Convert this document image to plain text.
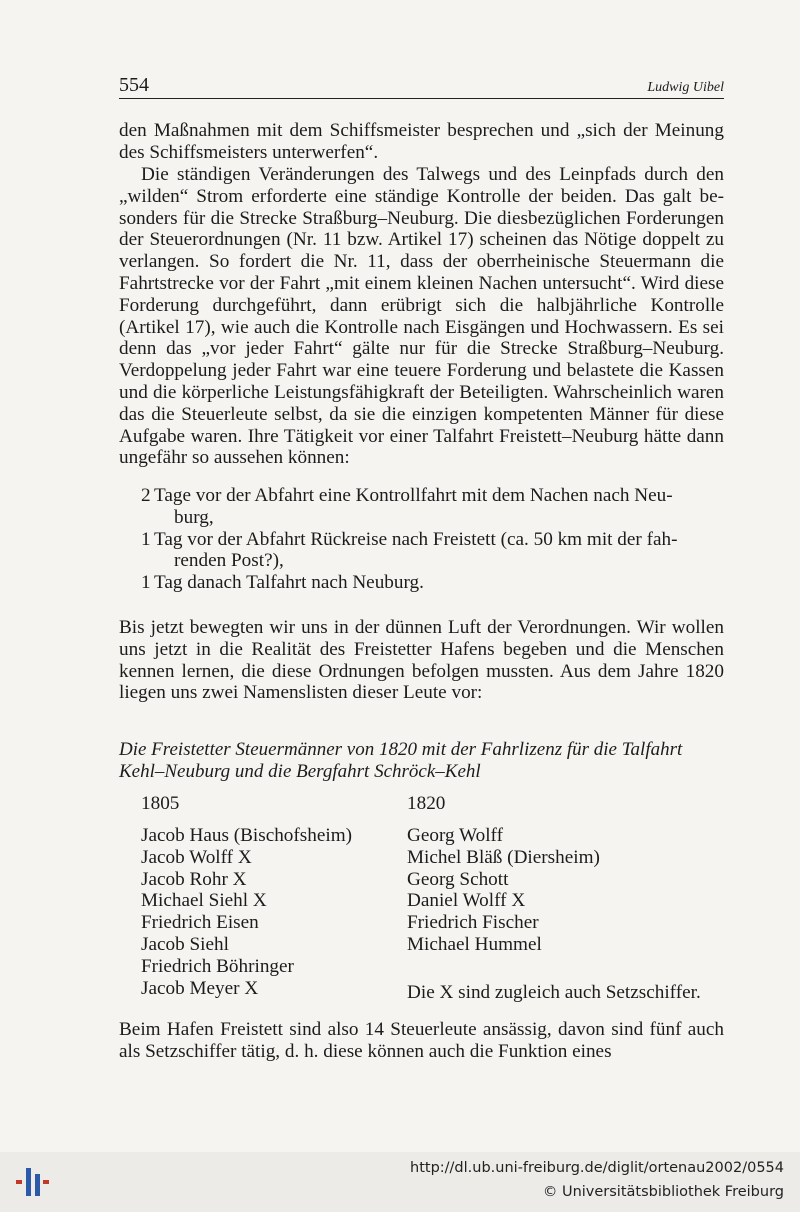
554	Ludwig Uibel

den Maßnahmen mit dem Schiffsmeister besprechen und „sich der Meinung des Schiffsmeisters unterwerfen“.

Die ständigen Veränderungen des Talwegs und des Leinpfads durch den „wilden“ Strom erforderte eine ständige Kontrolle der beiden. Das galt besonders für die Strecke Straßburg–Neuburg. Die diesbezüglichen Forderungen der Steuerordnungen (Nr. 11 bzw. Artikel 17) scheinen das Nötige doppelt zu verlangen. So fordert die Nr. 11, dass der oberrheinische Steuermann die Fahrtstrecke vor der Fahrt „mit einem kleinen Nachen untersucht“. Wird diese Forderung durchgeführt, dann erübrigt sich die halbjährliche Kontrolle (Artikel 17), wie auch die Kontrolle nach Eisgängen und Hochwassern. Es sei denn das „vor jeder Fahrt“ gälte nur für die Strecke Straßburg–Neuburg. Verdoppelung jeder Fahrt war eine teuere Forderung und belastete die Kassen und die körperliche Leistungsfähigkraft der Beteiligten. Wahrscheinlich waren das die Steuerleute selbst, da sie die einzigen kompetenten Männer für diese Aufgabe waren. Ihre Tätigkeit vor einer Talfahrt Freistett–Neuburg hätte dann ungefähr so aussehen können:

2 Tage vor der Abfahrt eine Kontrollfahrt mit dem Nachen nach Neu-
burg,
1 Tag vor der Abfahrt Rückreise nach Freistett (ca. 50 km mit der fah-
renden Post?),
1 Tag danach Talfahrt nach Neuburg.

Bis jetzt bewegten wir uns in der dünnen Luft der Verordnungen. Wir wollen uns jetzt in die Realität des Freistetter Hafens begeben und die Menschen kennen lernen, die diese Ordnungen befolgen mussten. Aus dem Jahre 1820 liegen uns zwei Namenslisten dieser Leute vor:

Die Freistetter Steuermänner von 1820 mit der Fahrlizenz für die Talfahrt Kehl–Neuburg und die Bergfahrt Schröck–Kehl
1805	1820
Jacob Haus (Bischofsheim)
Jacob Wolff X
Jacob Rohr X
Michael Siehl X
Friedrich Eisen
Jacob Siehl
Friedrich Böhringer
Jacob Meyer X
Georg Wolff
Michel Bläß (Diersheim)
Georg Schott
Daniel Wolff X
Friedrich Fischer
Michael Hummel
Die X sind zugleich auch Setzschiffer.

Beim Hafen Freistett sind also 14 Steuerleute ansässig, davon sind fünf auch als Setzschiffer tätig, d. h. diese können auch die Funktion eines

http://dl.ub.uni-freiburg.de/diglit/ortenau2002/0554
© Universitätsbibliothek Freiburg
